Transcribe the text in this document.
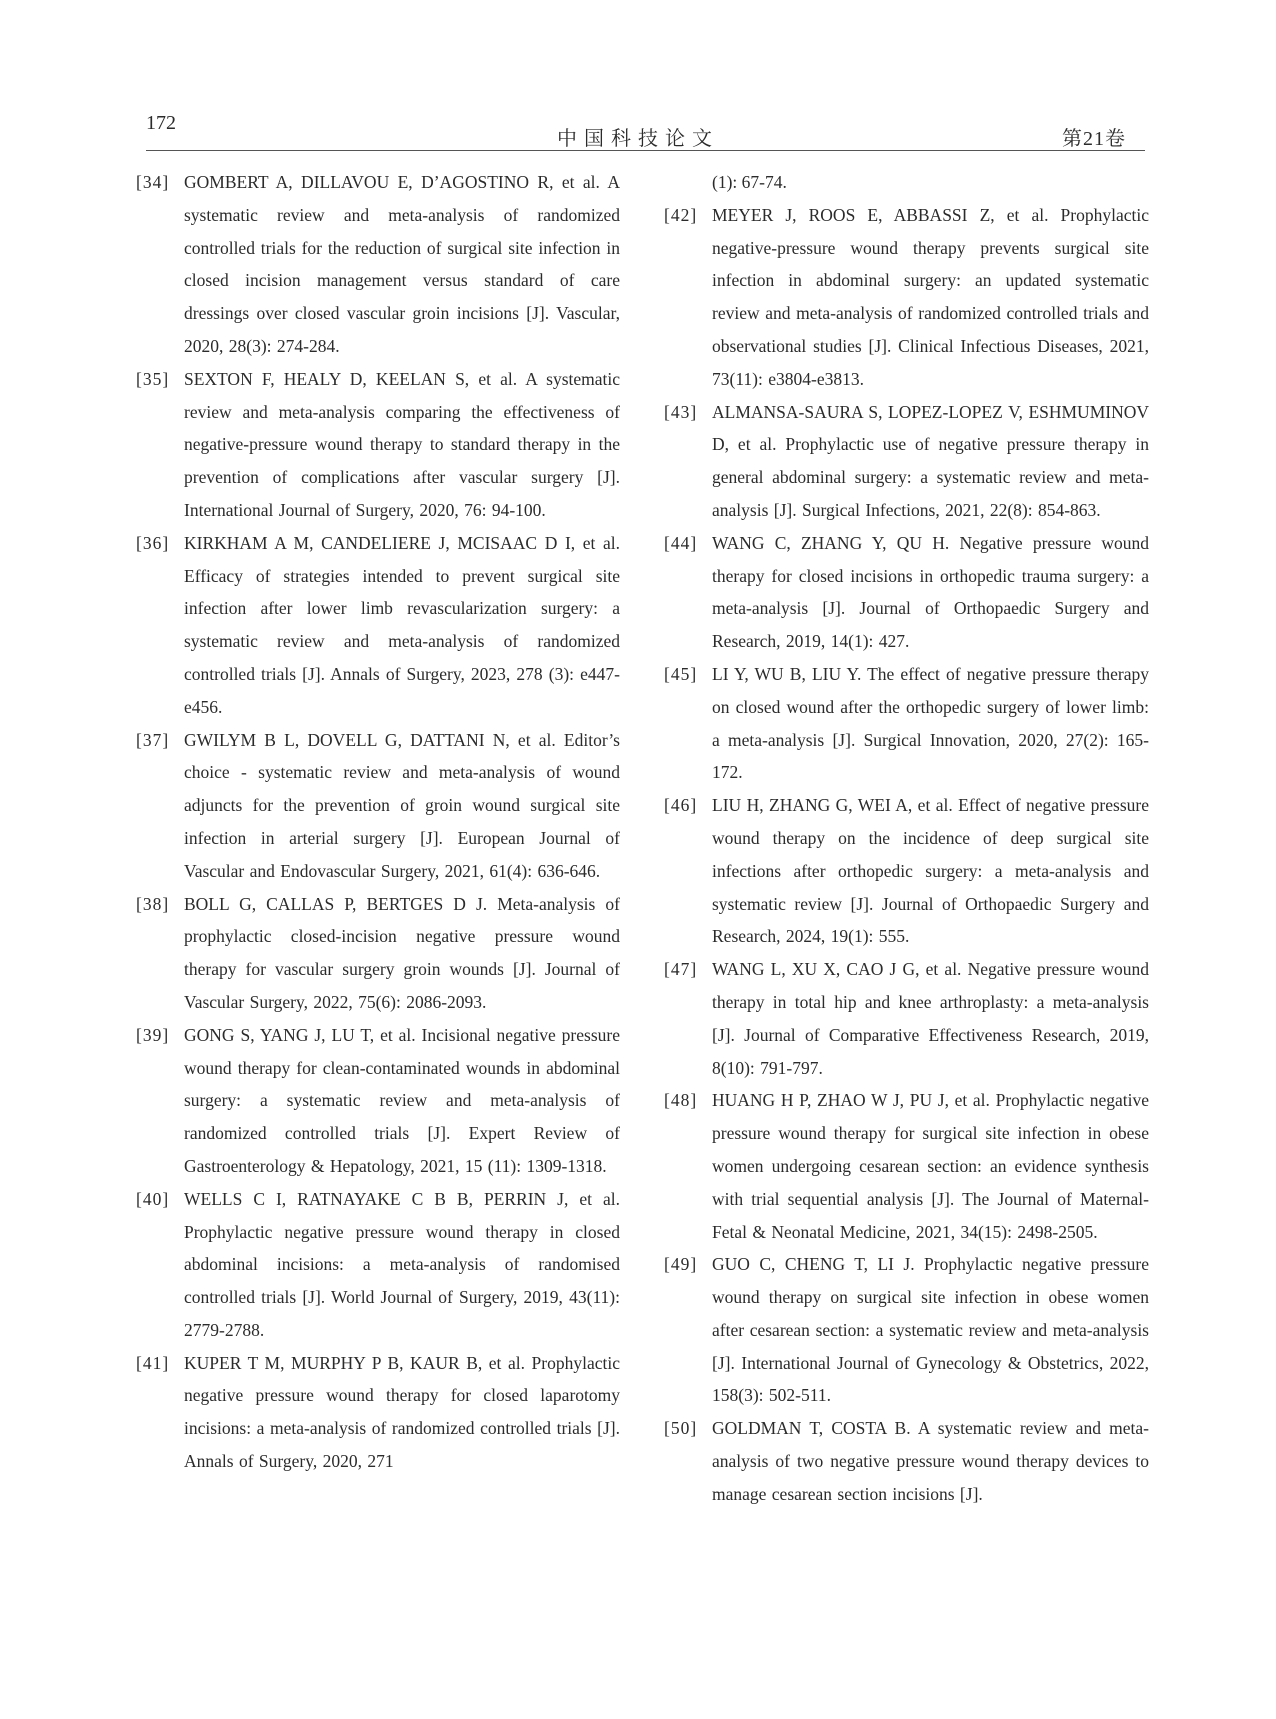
172
中国科技论文	第21卷
[34] GOMBERT A, DILLAVOU E, D’AGOSTINO R, et al. A systematic review and meta-analysis of randomized controlled trials for the reduction of surgical site infection in closed incision management versus standard of care dressings over closed vascular groin incisions [J]. Vascular, 2020, 28(3): 274-284.
[35] SEXTON F, HEALY D, KEELAN S, et al. A systematic review and meta-analysis comparing the effectiveness of negative-pressure wound therapy to standard therapy in the prevention of complications after vascular surgery [J]. International Journal of Surgery, 2020, 76: 94-100.
[36] KIRKHAM A M, CANDELIERE J, MCISAAC D I, et al. Efficacy of strategies intended to prevent surgical site infection after lower limb revascularization surgery: a systematic review and meta-analysis of randomized controlled trials [J]. Annals of Surgery, 2023, 278 (3): e447-e456.
[37] GWILYM B L, DOVELL G, DATTANI N, et al. Editor’s choice - systematic review and meta-analysis of wound adjuncts for the prevention of groin wound surgical site infection in arterial surgery [J]. European Journal of Vascular and Endovascular Surgery, 2021, 61(4): 636-646.
[38] BOLL G, CALLAS P, BERTGES D J. Meta-analysis of prophylactic closed-incision negative pressure wound therapy for vascular surgery groin wounds [J]. Journal of Vascular Surgery, 2022, 75(6): 2086-2093.
[39] GONG S, YANG J, LU T, et al. Incisional negative pressure wound therapy for clean-contaminated wounds in abdominal surgery: a systematic review and meta-analysis of randomized controlled trials [J]. Expert Review of Gastroenterology & Hepatology, 2021, 15 (11): 1309-1318.
[40] WELLS C I, RATNAYAKE C B B, PERRIN J, et al. Prophylactic negative pressure wound therapy in closed abdominal incisions: a meta-analysis of randomised controlled trials [J]. World Journal of Surgery, 2019, 43(11): 2779-2788.
[41] KUPER T M, MURPHY P B, KAUR B, et al. Prophylactic negative pressure wound therapy for closed laparotomy incisions: a meta-analysis of randomized controlled trials [J]. Annals of Surgery, 2020, 271
(1): 67-74.
[42] MEYER J, ROOS E, ABBASSI Z, et al. Prophylactic negative-pressure wound therapy prevents surgical site infection in abdominal surgery: an updated systematic review and meta-analysis of randomized controlled trials and observational studies [J]. Clinical Infectious Diseases, 2021, 73(11): e3804-e3813.
[43] ALMANSA-SAURA S, LOPEZ-LOPEZ V, ESHMUMINOV D, et al. Prophylactic use of negative pressure therapy in general abdominal surgery: a systematic review and meta-analysis [J]. Surgical Infections, 2021, 22(8): 854-863.
[44] WANG C, ZHANG Y, QU H. Negative pressure wound therapy for closed incisions in orthopedic trauma surgery: a meta-analysis [J]. Journal of Orthopaedic Surgery and Research, 2019, 14(1): 427.
[45] LI Y, WU B, LIU Y. The effect of negative pressure therapy on closed wound after the orthopedic surgery of lower limb: a meta-analysis [J]. Surgical Innovation, 2020, 27(2): 165-172.
[46] LIU H, ZHANG G, WEI A, et al. Effect of negative pressure wound therapy on the incidence of deep surgical site infections after orthopedic surgery: a meta-analysis and systematic review [J]. Journal of Orthopaedic Surgery and Research, 2024, 19(1): 555.
[47] WANG L, XU X, CAO J G, et al. Negative pressure wound therapy in total hip and knee arthroplasty: a meta-analysis [J]. Journal of Comparative Effectiveness Research, 2019, 8(10): 791-797.
[48] HUANG H P, ZHAO W J, PU J, et al. Prophylactic negative pressure wound therapy for surgical site infection in obese women undergoing cesarean section: an evidence synthesis with trial sequential analysis [J]. The Journal of Maternal-Fetal & Neonatal Medicine, 2021, 34(15): 2498-2505.
[49] GUO C, CHENG T, LI J. Prophylactic negative pressure wound therapy on surgical site infection in obese women after cesarean section: a systematic review and meta-analysis [J]. International Journal of Gynecology & Obstetrics, 2022, 158(3): 502-511.
[50] GOLDMAN T, COSTA B. A systematic review and meta-analysis of two negative pressure wound therapy devices to manage cesarean section incisions [J].
